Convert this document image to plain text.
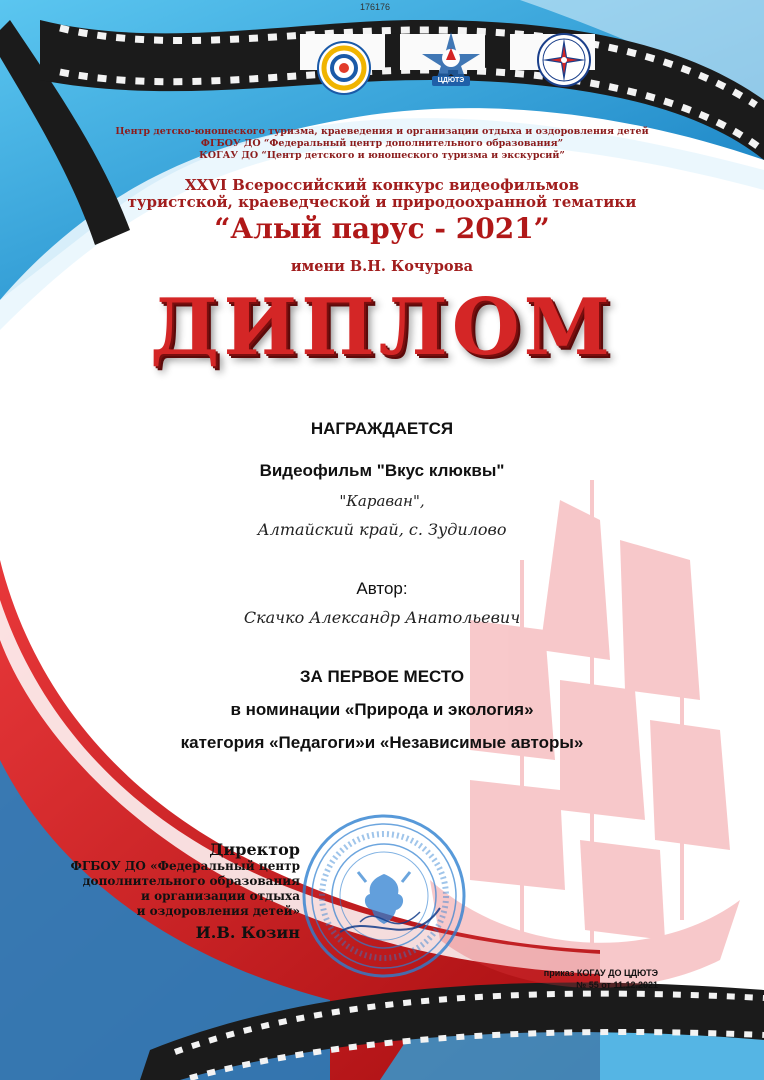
176176
ЦДЮТЭ
Центр детско-юношеского туризма, краеведения и организации отдыха и оздоровления детей
ФГБОУ ДО “Федеральный центр дополнительного образования”
КОГАУ ДО “Центр детского и юношеского туризма и экскурсий”
XXVI Всероссийский конкурс видеофильмов
туристской, краеведческой и природоохранной тематики
“Алый парус - 2021”
имени В.Н. Кочурова
ДИПЛОМ
НАГРАЖДАЕТСЯ
Видеофильм "Вкус клюквы"
"Караван",
Алтайский край, с. Зудилово
Автор:
Скачко Александр Анатольевич
ЗА ПЕРВОЕ МЕСТО
в номинации «Природа и экология»
категория «Педагоги»и «Независимые авторы»
Директор
ФГБОУ ДО «Федеральный центр
дополнительного образования
и организации отдыха
и оздоровления детей»
И.В. Козин
приказ КОГАУ ДО ЦДЮТЭ
№ 55 от 11.12.2021
